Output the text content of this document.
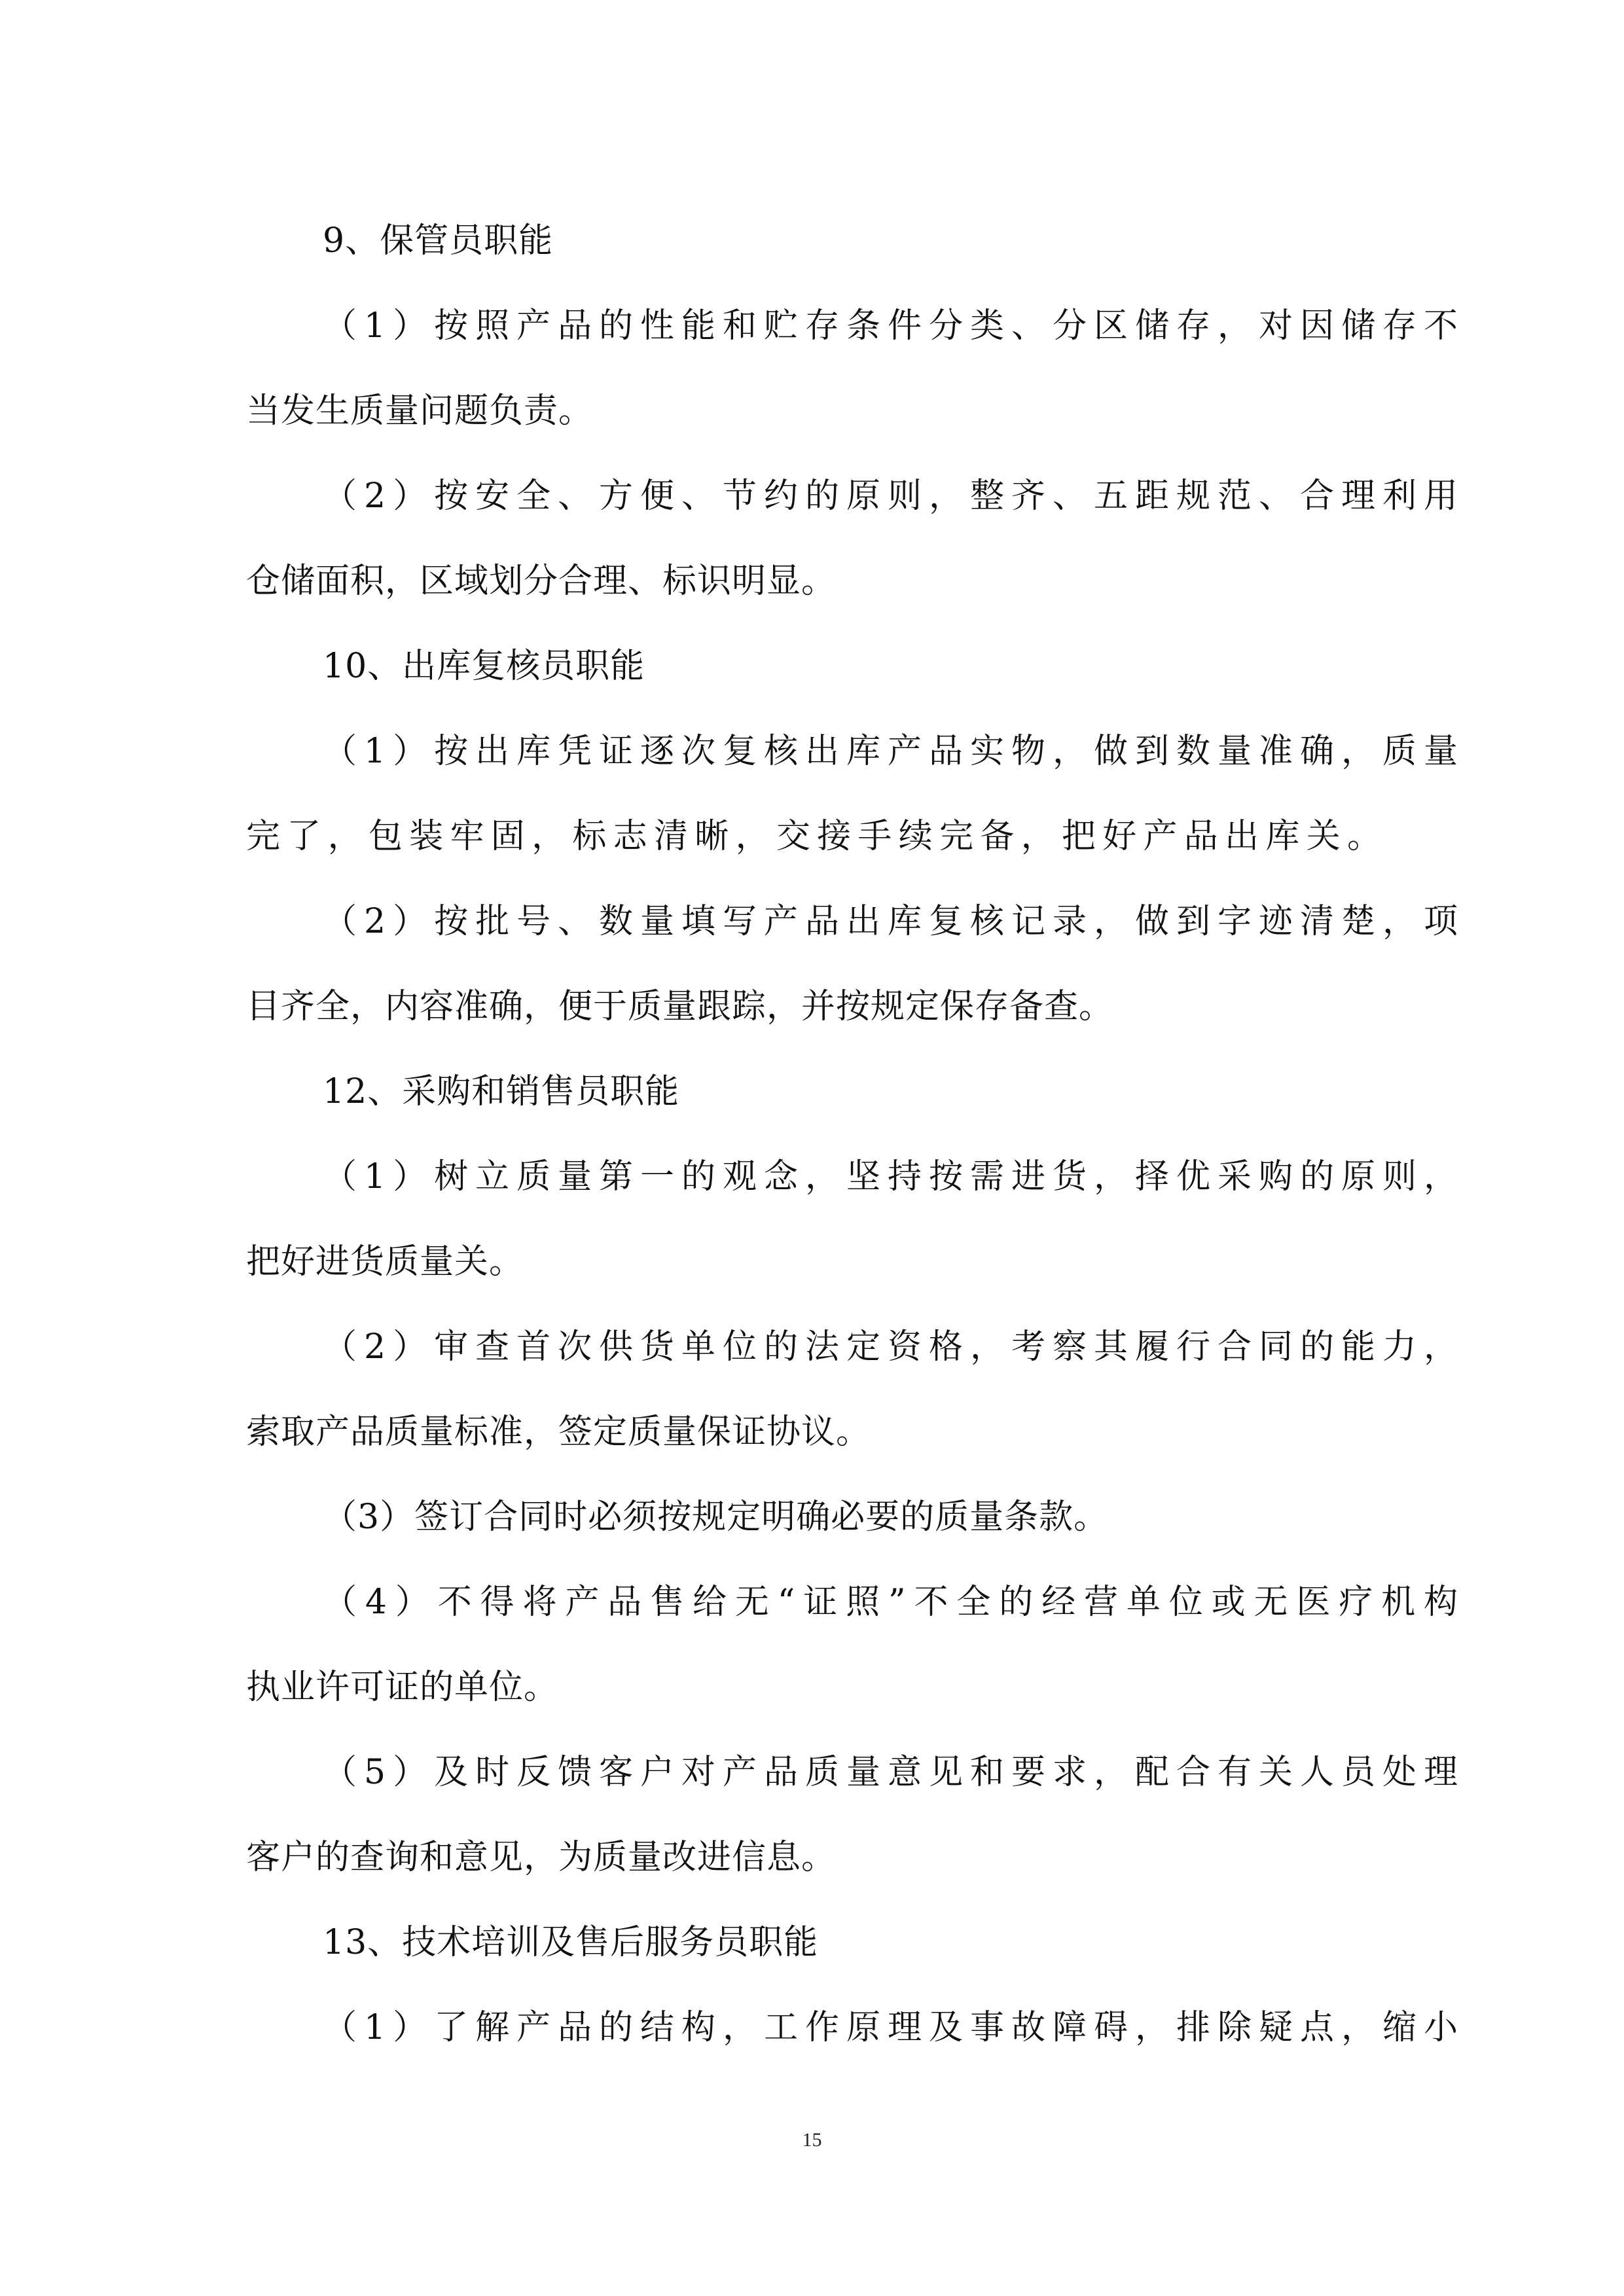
9、保管员职能
（1）按照产品的性能和贮存条件分类、分区储存，对因储存不
当发生质量问题负责。
（2）按安全、方便、节约的原则，整齐、五距规范、合理利用
仓储面积，区域划分合理、标识明显。
10、出库复核员职能
（1）按出库凭证逐次复核出库产品实物，做到数量准确，质量
完了，包装牢固，标志清晰，交接手续完备，把好产品出库关。
（2）按批号、数量填写产品出库复核记录，做到字迹清楚，项
目齐全，内容准确，便于质量跟踪，并按规定保存备查。
12、采购和销售员职能
（1）树立质量第一的观念，坚持按需进货，择优采购的原则，
把好进货质量关。
（2）审查首次供货单位的法定资格，考察其履行合同的能力，
索取产品质量标准，签定质量保证协议。
（3）签订合同时必须按规定明确必要的质量条款。
（4）不得将产品售给无“证照”不全的经营单位或无医疗机构
执业许可证的单位。
（5）及时反馈客户对产品质量意见和要求，配合有关人员处理
客户的查询和意见，为质量改进信息。
13、技术培训及售后服务员职能
（1）了解产品的结构，工作原理及事故障碍，排除疑点，缩小
15
